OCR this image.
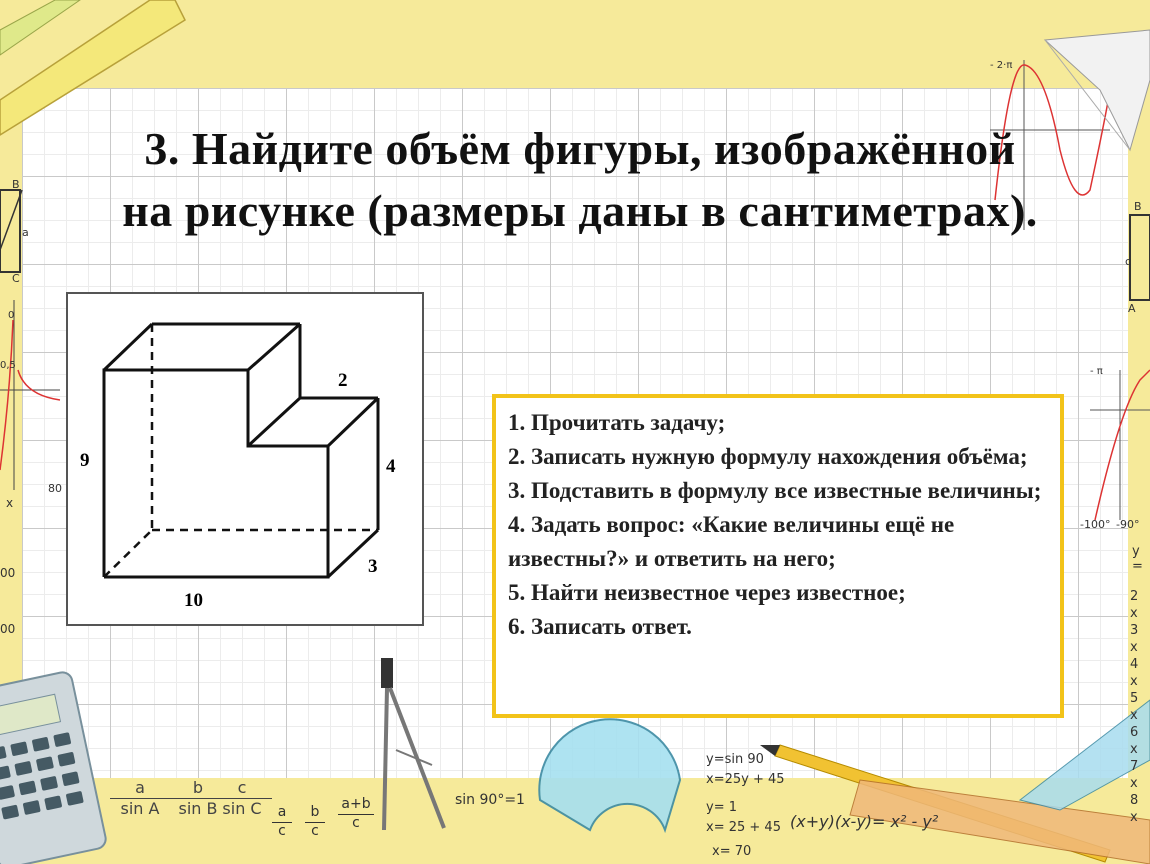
y=sin 90
x=25y + 45
y= 1
x= 25 + 45
x= 70
sin 90°=1
(x+y)(x-y)= x² - y²
a
sin A
b
sin B
c
sin C	a
c
b
c
a+b
c
2 x
3 x
4 x
5 x
6 x
7 x
8 x
y =
-100° -90°
00
00
80
x
0,5
0
B
a
C
A
c
B
- π
- 2·π
3. Найдите объём фигуры, изображённой
на рисунке (размеры даны в сантиметрах).
9
2
4
3
10
1. Прочитать задачу;
2. Записать нужную формулу нахождения объёма;
3. Подставить в формулу все известные величины;
4. Задать вопрос: «Какие величины ещё не известны?» и ответить на него;
5. Найти неизвестное через известное;
6. Записать ответ.
